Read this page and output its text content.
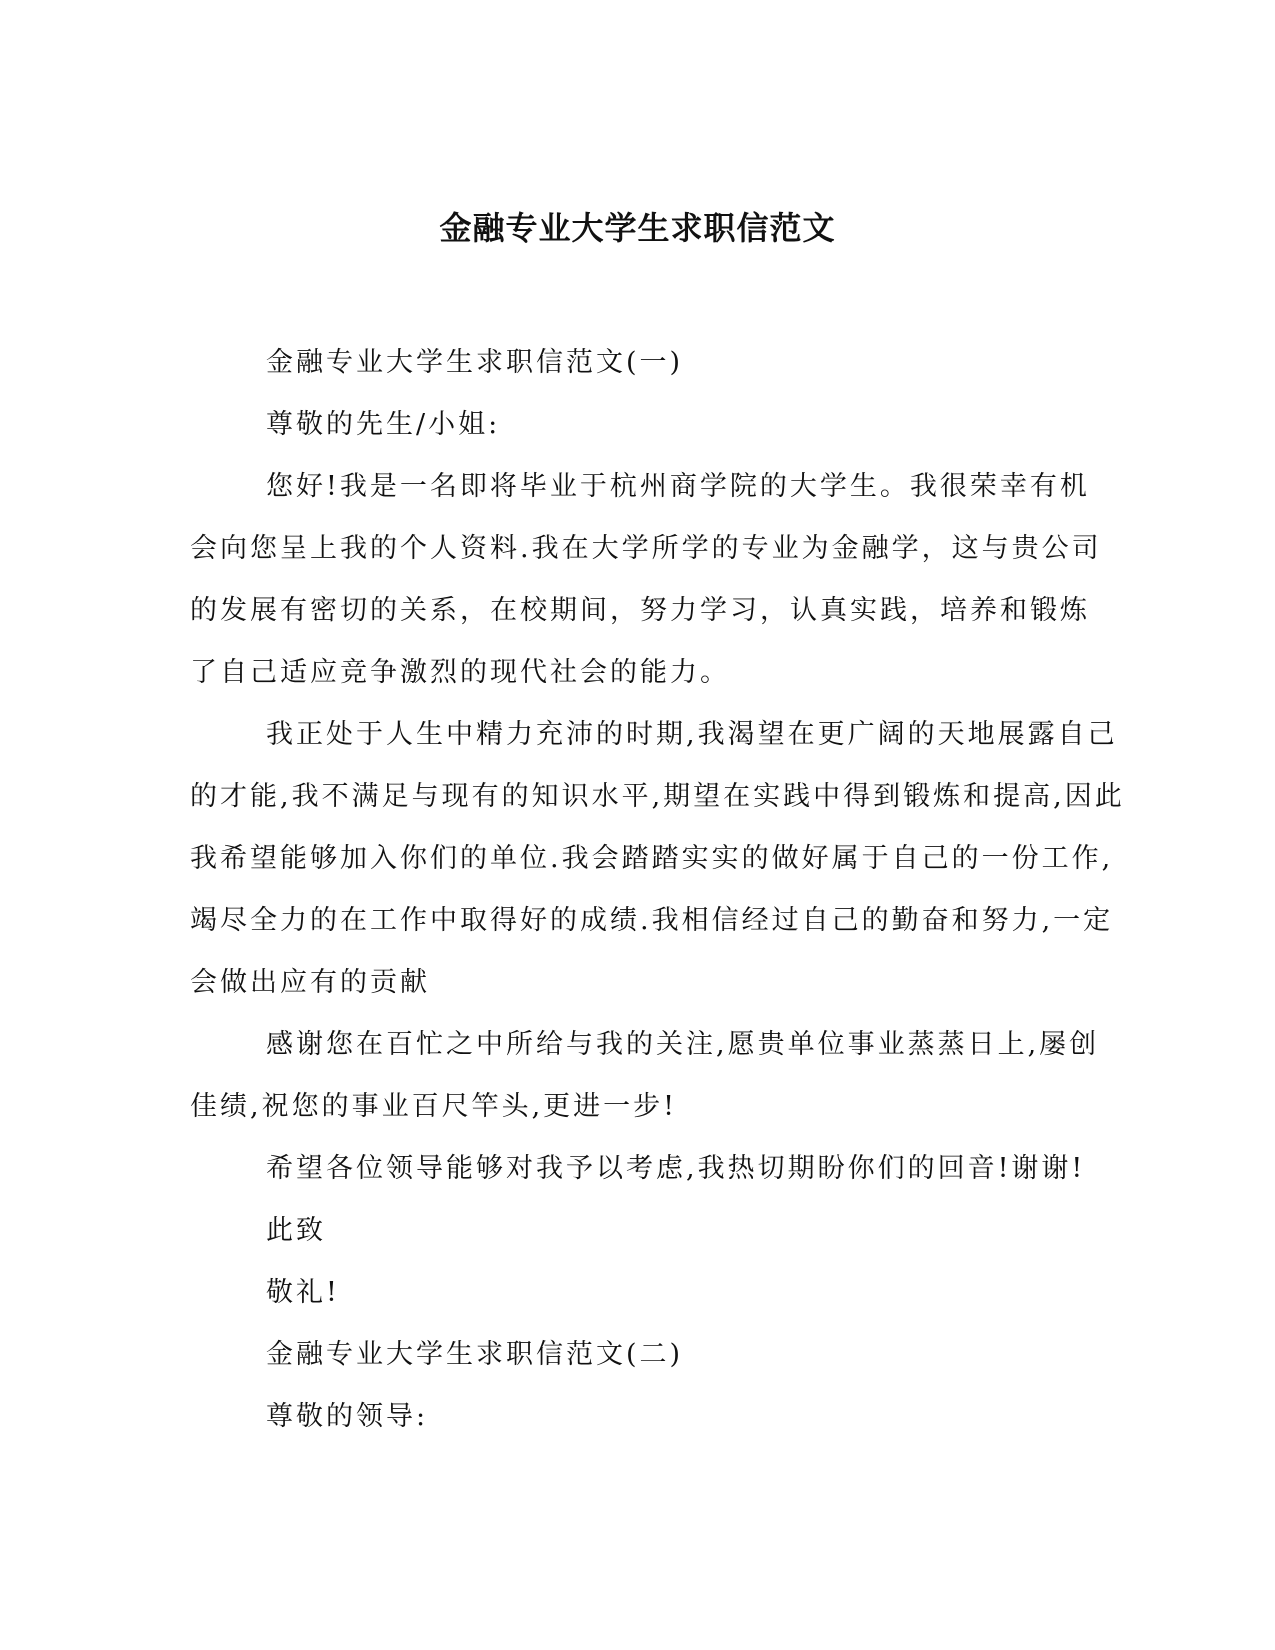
金融专业大学生求职信范文

金融专业大学生求职信范文(一)

尊敬的先生/小姐:

您好!我是一名即将毕业于杭州商学院的大学生。我很荣幸有机
会向您呈上我的个人资料.我在大学所学的专业为金融学，这与贵公司
的发展有密切的关系，在校期间，努力学习，认真实践，培养和锻炼
了自己适应竞争激烈的现代社会的能力。

我正处于人生中精力充沛的时期,我渴望在更广阔的天地展露自己
的才能,我不满足与现有的知识水平,期望在实践中得到锻炼和提高,因此
我希望能够加入你们的单位.我会踏踏实实的做好属于自己的一份工作,
竭尽全力的在工作中取得好的成绩.我相信经过自己的勤奋和努力,一定
会做出应有的贡献

感谢您在百忙之中所给与我的关注,愿贵单位事业蒸蒸日上,屡创
佳绩,祝您的事业百尺竿头,更进一步!

希望各位领导能够对我予以考虑,我热切期盼你们的回音!谢谢!

此致

敬礼!

金融专业大学生求职信范文(二)

尊敬的领导:
